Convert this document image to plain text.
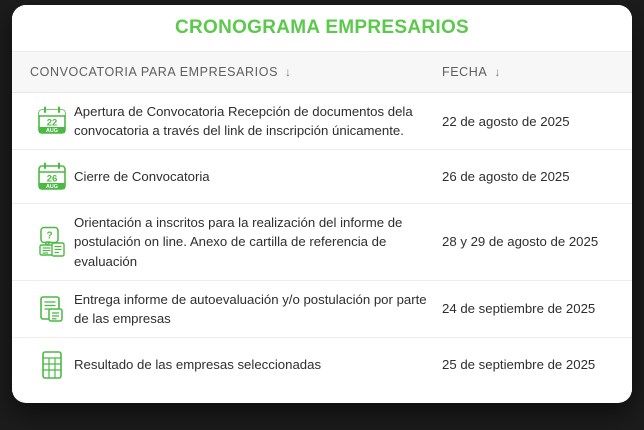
CRONOGRAMA EMPRESARIOS
CONVOCATORIA PARA EMPRESARIOS ↓	FECHA ↓
22
AUG
Apertura de Convocatoria Recepción de documentos dela convocatoria a través del link de inscripción únicamente.
22 de agosto de 2025
26
AUG
Cierre de Convocatoria	26 de agosto de 2025
?
Orientación a inscritos para la realización del informe de postulación on line. Anexo de cartilla de referencia de evaluación
28 y 29 de agosto de 2025
Entrega informe de autoevaluación y/o postulación por parte de las empresas
24 de septiembre de 2025
Resultado de las empresas seleccionadas	25 de septiembre de 2025
